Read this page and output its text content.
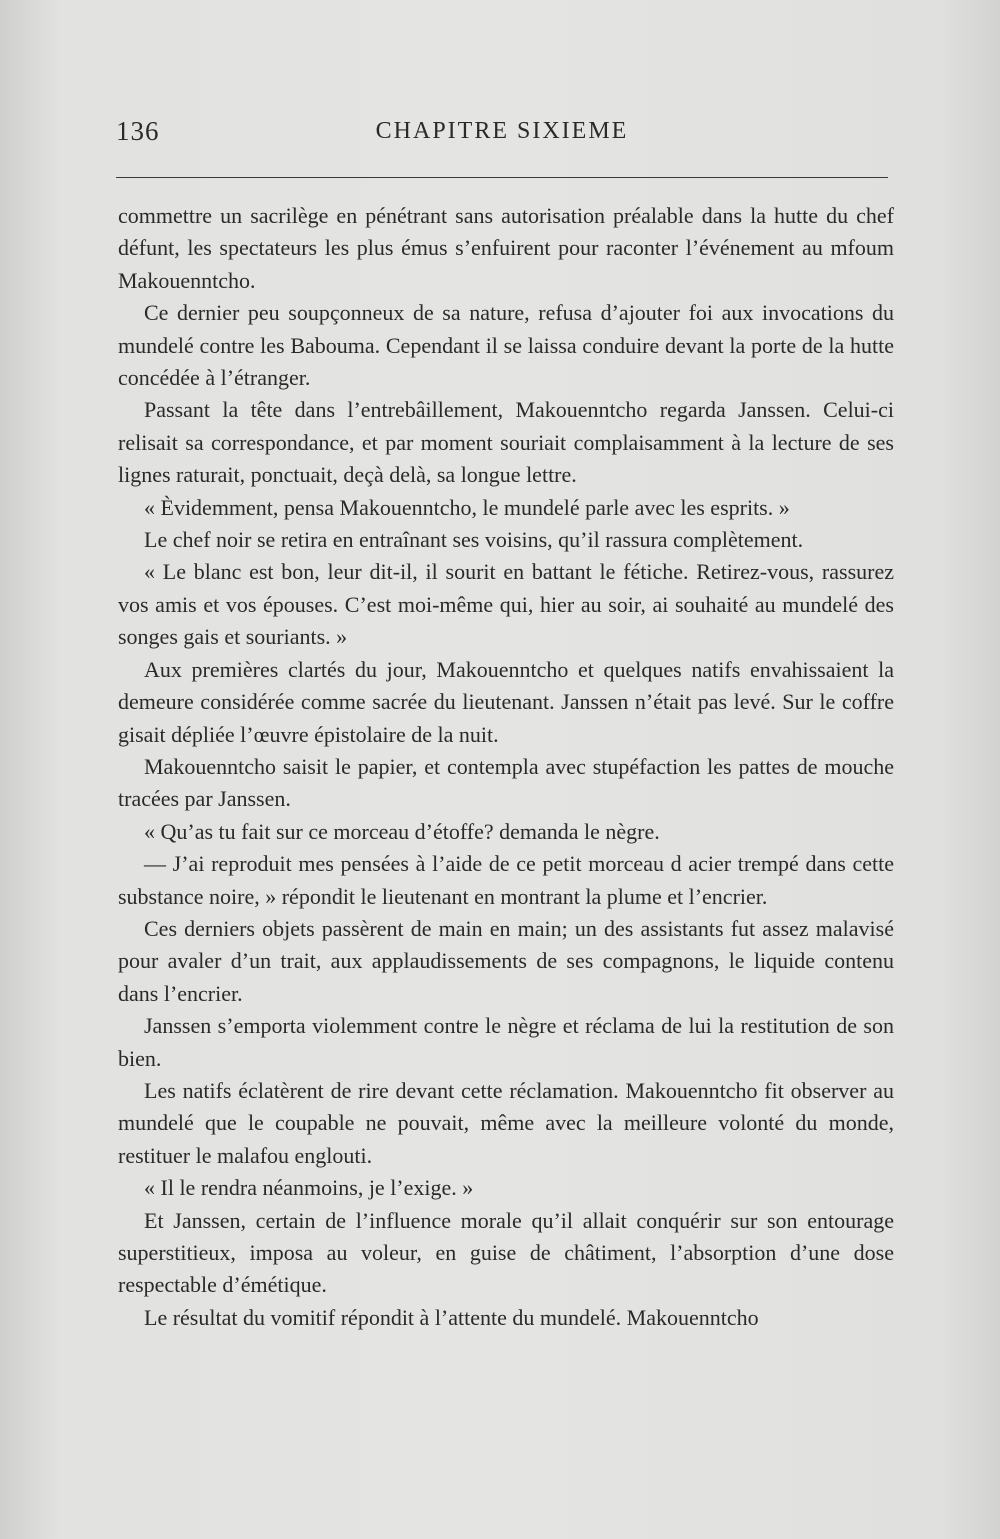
136	CHAPITRE SIXIEME

commettre un sacrilège en pénétrant sans autorisation préalable dans la hutte du chef défunt, les spectateurs les plus émus s’enfuirent pour raconter l’événement au mfoum Makouenntcho.

Ce dernier peu soupçonneux de sa nature, refusa d’ajouter foi aux invocations du mundelé contre les Babouma. Cependant il se laissa conduire devant la porte de la hutte concédée à l’étranger.

Passant la tête dans l’entrebâillement, Makouenntcho regarda Janssen. Celui-ci relisait sa correspondance, et par moment souriait complaisamment à la lecture de ses lignes raturait, ponctuait, deçà delà, sa longue lettre.

« Èvidemment, pensa Makouenntcho, le mundelé parle avec les esprits. »

Le chef noir se retira en entraînant ses voisins, qu’il rassura complètement.

« Le blanc est bon, leur dit-il, il sourit en battant le fétiche. Retirez-vous, rassurez vos amis et vos épouses. C’est moi-même qui, hier au soir, ai souhaité au mundelé des songes gais et souriants. »

Aux premières clartés du jour, Makouenntcho et quelques natifs envahissaient la demeure considérée comme sacrée du lieutenant. Janssen n’était pas levé. Sur le coffre gisait dépliée l’œuvre épistolaire de la nuit.

Makouenntcho saisit le papier, et contempla avec stupéfaction les pattes de mouche tracées par Janssen.

« Qu’as tu fait sur ce morceau d’étoffe? demanda le nègre.

— J’ai reproduit mes pensées à l’aide de ce petit morceau d acier trempé dans cette substance noire, » répondit le lieutenant en montrant la plume et l’encrier.

Ces derniers objets passèrent de main en main; un des assistants fut assez malavisé pour avaler d’un trait, aux applaudissements de ses compagnons, le liquide contenu dans l’encrier.

Janssen s’emporta violemment contre le nègre et réclama de lui la restitution de son bien.

Les natifs éclatèrent de rire devant cette réclamation. Makouenntcho fit observer au mundelé que le coupable ne pouvait, même avec la meilleure volonté du monde, restituer le malafou englouti.

« Il le rendra néanmoins, je l’exige. »

Et Janssen, certain de l’influence morale qu’il allait conquérir sur son entourage superstitieux, imposa au voleur, en guise de châtiment, l’absorption d’une dose respectable d’émétique.

Le résultat du vomitif répondit à l’attente du mundelé. Makouenntcho
